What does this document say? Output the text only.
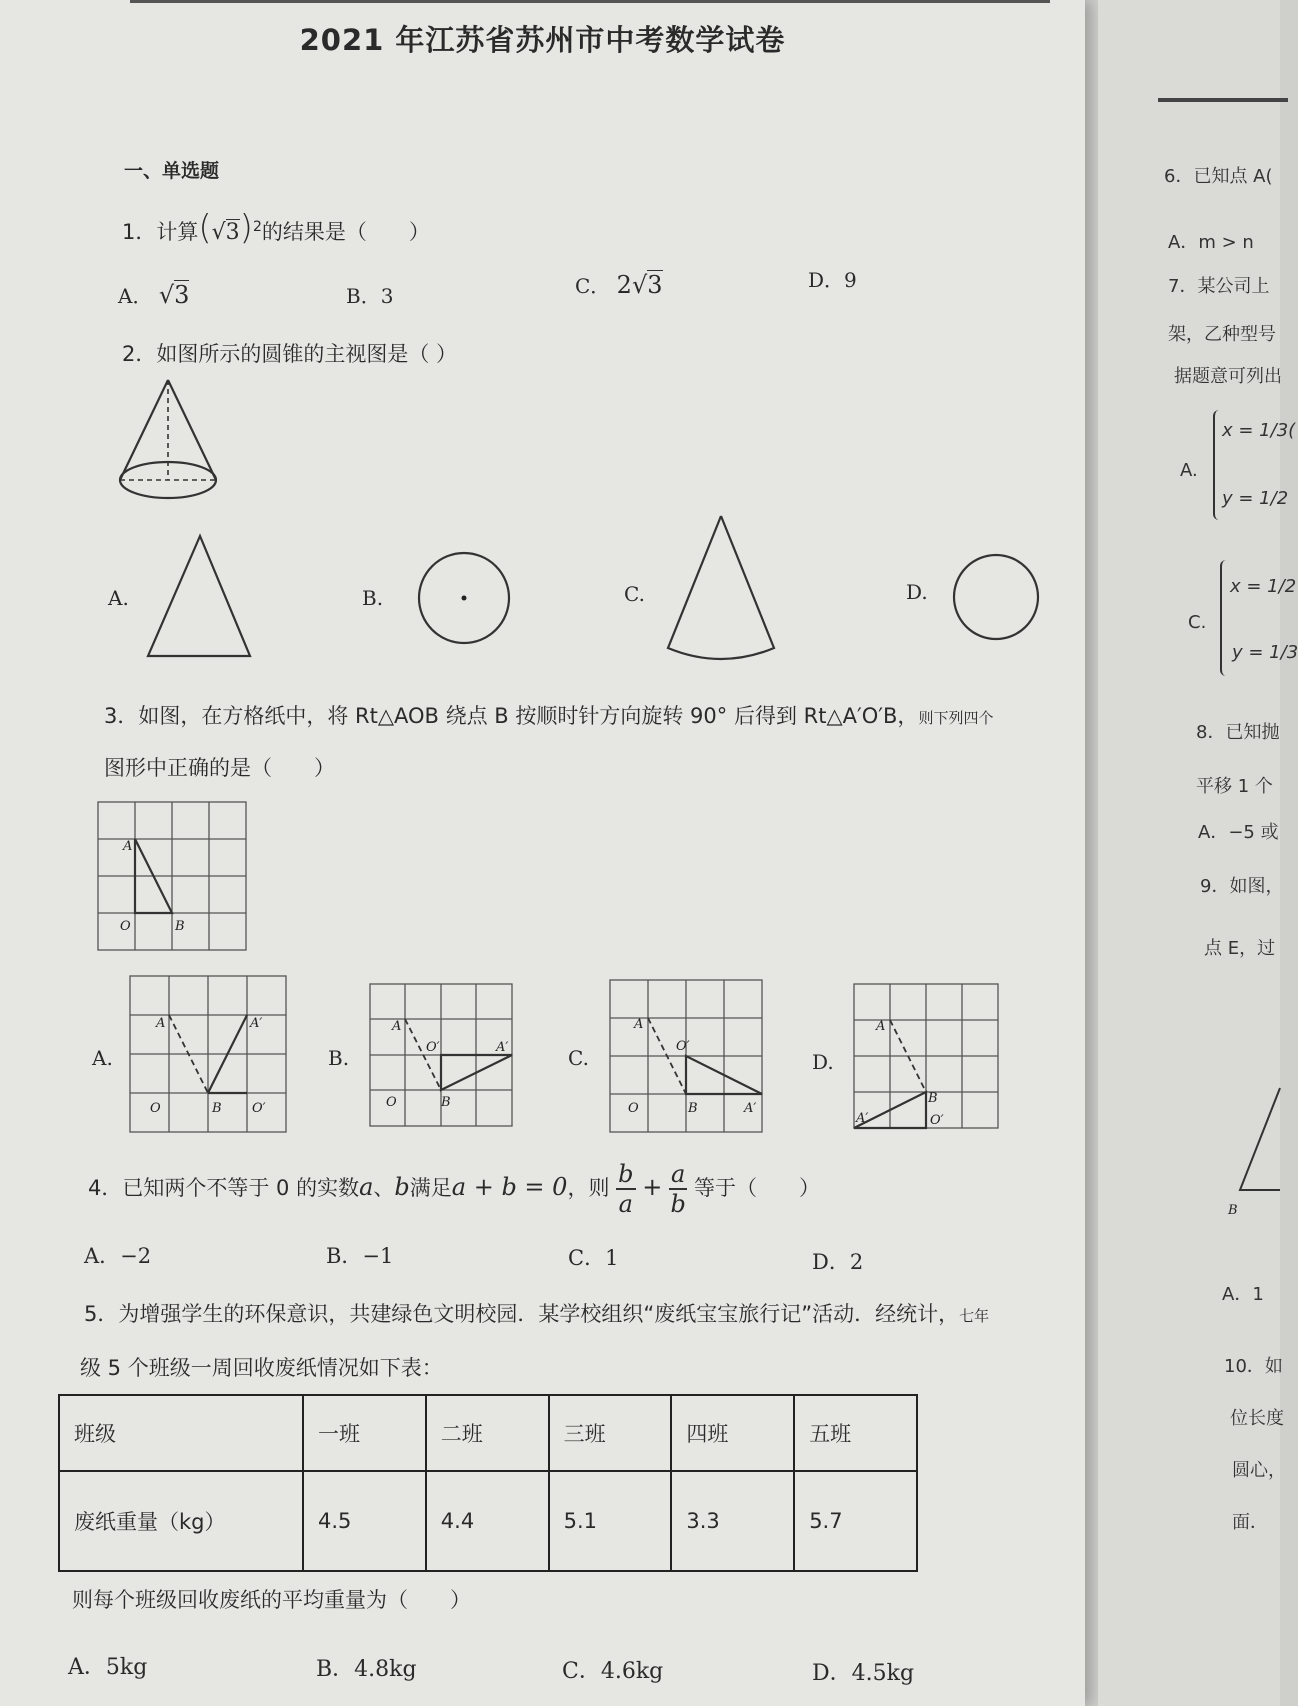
2021 年江苏省苏州市中考数学试卷
一、单选题
1．计算$(√3)^2$的结果是（　　）
A． √3	B．3	C． 2√3	D．9
2．如图所示的圆锥的主视图是（ ）
A.	B.	C.	D.
3．如图，在方格纸中，将 Rt△AOB 绕点 B 按顺时针方向旋转 90° 后得到 Rt△A′O′B，则下列四个
图形中正确的是（　　）
A
O	B
A.
A	A′
O	B O′
B.
A
O′	A′
O	B
C.
A
O′
O	B	A′
D.
A
B
A′	O′
4．已知两个不等于 0 的实数a、b满足a + b = 0，则 $\frac{b}{a} + \frac{a}{b}$ 等于（　　）
A．−2	B．−1	C．1	D．2
5．为增强学生的环保意识，共建绿色文明校园．某学校组织“废纸宝宝旅行记”活动．经统计，七年
级 5 个班级一周回收废纸情况如下表：
班级	一班	二班	三班	四班	五班
废纸重量（kg）	4.5	4.4	5.1	3.3	5.7
则每个班级回收废纸的平均重量为（　　）
A．5kg	B．4.8kg	C．4.6kg	D．4.5kg
6．已知点 A(
A．m > n
7．某公司上
架，乙种型号
据题意可列出
A.
x = 1/3(
y = 1/2
C.
x = 1/2
y = 1/3
8．已知抛
平移 1 个
A．−5 或
9．如图，
点 E，过
B
A．1
10．如
位长度
圆心，
面．
